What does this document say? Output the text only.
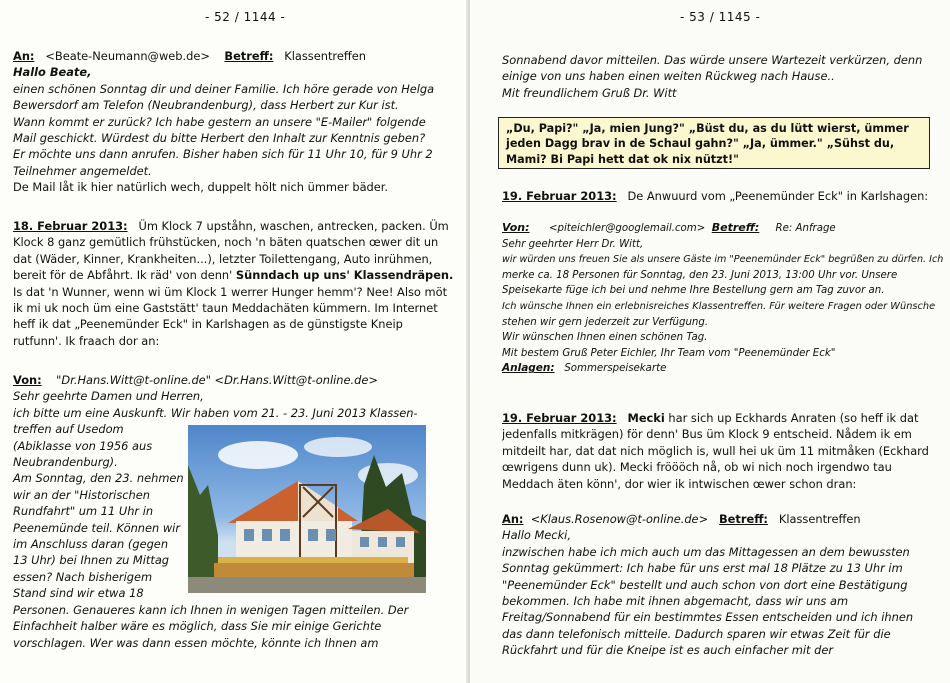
- 52 / 1144 -
An: <Beate-Neumann@web.de> Betreff: Klassentreffen
Hallo Beate,
einen schönen Sonntag dir und deiner Familie. Ich höre gerade von Helga
Bewersdorf am Telefon (Neubrandenburg), dass Herbert zur Kur ist.
Wann kommt er zurück? Ich habe gestern an unsere "E-Mailer" folgende
Mail geschickt. Würdest du bitte Herbert den Inhalt zur Kenntnis geben?
Er möchte uns dann anrufen. Bisher haben sich für 11 Uhr 10, für 9 Uhr 2
Teilnehmer angemeldet.
De Mail låt ik hier natürlich wech, duppelt hölt nich ümmer bäder.
18. Februar 2013: Üm Klock 7 upståhn, waschen, antrecken, packen. Üm
Klock 8 ganz gemütlich frühstücken, noch 'n bäten quatschen œwer dit un
dat (Wäder, Kinner, Krankheiten...), letzter Toilettengang, Auto inrühmen,
bereit för de Abfåhrt. Ik räd' von denn' Sünndach up uns' Klassendräpen.
Is dat 'n Wunner, wenn wi üm Klock 1 werrer Hunger hemm'? Nee! Also möt
ik mi uk noch üm eine Gaststätt' taun Meddachäten kümmern. Im Internet
heff ik dat „Peenemünder Eck" in Karlshagen as de günstigste Kneip
rutfunn'. Ik fraach dor an:
Von: "Dr.Hans.Witt@t-online.de" <Dr.Hans.Witt@t-online.de>
Sehr geehrte Damen und Herren,
ich bitte um eine Auskunft. Wir haben vom 21. - 23. Juni 2013 Klassen-
treffen auf Usedom
(Abiklasse von 1956 aus
Neubrandenburg).
Am Sonntag, den 23. nehmen
wir an der "Historischen
Rundfahrt" um 11 Uhr in
Peenemünde teil. Können wir
im Anschluss daran (gegen
13 Uhr) bei Ihnen zu Mittag
essen? Nach bisherigem
Stand sind wir etwa 18
Personen. Genaueres kann ich Ihnen in wenigen Tagen mitteilen. Der
Einfachheit halber wäre es möglich, dass Sie mir einige Gerichte
vorschlagen. Wer was dann essen möchte, könnte ich Ihnen am
- 53 / 1145 -
Sonnabend davor mitteilen. Das würde unsere Wartezeit verkürzen, denn
einige von uns haben einen weiten Rückweg nach Hause..
Mit freundlichem Gruß Dr. Witt
„Du, Papi?" „Ja, mien Jung?" „Büst du, as du lütt wierst, ümmer
jeden Dagg brav in de Schaul gahn?" „Ja, ümmer." „Sühst du,
Mami? Bi Papi hett dat ok nix nützt!"
19. Februar 2013: De Anwuurd vom „Peenemünder Eck" in Karlshagen:
Von: <piteichler@googlemail.com> Betreff: Re: Anfrage
Sehr geehrter Herr Dr. Witt,
wir würden uns freuen Sie als unsere Gäste im "Peenemünder Eck" begrüßen zu dürfen. Ich
merke ca. 18 Personen für Sonntag, den 23. Juni 2013, 13:00 Uhr vor. Unsere
Speisekarte füge ich bei und nehme Ihre Bestellung gern am Tag zuvor an.
Ich wünsche Ihnen ein erlebnisreiches Klassentreffen. Für weitere Fragen oder Wünsche
stehen wir gern jederzeit zur Verfügung.
Wir wünschen Ihnen einen schönen Tag.
Mit bestem Gruß Peter Eichler, Ihr Team vom "Peenemünder Eck"
Anlagen: Sommerspeisekarte
19. Februar 2013: Mecki har sich up Eckhards Anraten (so heff ik dat
jedenfalls mitkrägen) för denn' Bus üm Klock 9 entscheid. Nådem ik em
mitdeilt har, dat dat nich möglich is, wull hei uk üm 11 mitmåken (Eckhard
œwrigens dunn uk). Mecki fröööch nå, ob wi nich noch irgendwo tau
Meddach äten könn', dor wier ik intwischen œwer schon dran:
An: <Klaus.Rosenow@t-online.de> Betreff: Klassentreffen
Hallo Mecki,
inzwischen habe ich mich auch um das Mittagessen an dem bewussten
Sonntag gekümmert: Ich habe für uns erst mal 18 Plätze zu 13 Uhr im
"Peenemünder Eck" bestellt und auch schon von dort eine Bestätigung
bekommen. Ich habe mit ihnen abgemacht, dass wir uns am
Freitag/Sonnabend für ein bestimmtes Essen entscheiden und ich ihnen
das dann telefonisch mitteile. Dadurch sparen wir etwas Zeit für die
Rückfahrt und für die Kneipe ist es auch einfacher mit der
